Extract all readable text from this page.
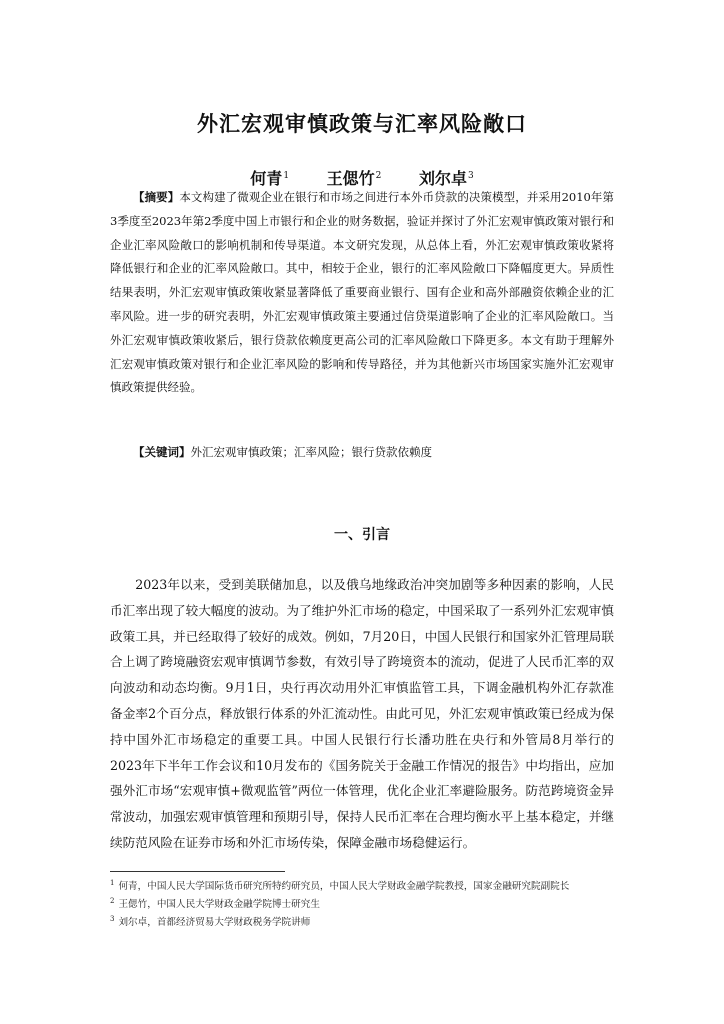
外汇宏观审慎政策与汇率风险敞口
何青$^1$ 王偲竹$^2$ 刘尔卓$^3$

【摘要】本文构建了微观企业在银行和市场之间进行本外币贷款的决策模型，并采用2010年第3季度至2023年第2季度中国上市银行和企业的财务数据，验证并探讨了外汇宏观审慎政策对银行和企业汇率风险敞口的影响机制和传导渠道。本文研究发现，从总体上看，外汇宏观审慎政策收紧将降低银行和企业的汇率风险敞口。其中，相较于企业，银行的汇率风险敞口下降幅度更大。异质性结果表明，外汇宏观审慎政策收紧显著降低了重要商业银行、国有企业和高外部融资依赖企业的汇率风险。进一步的研究表明，外汇宏观审慎政策主要通过信贷渠道影响了企业的汇率风险敞口。当外汇宏观审慎政策收紧后，银行贷款依赖度更高公司的汇率风险敞口下降更多。本文有助于理解外汇宏观审慎政策对银行和企业汇率风险的影响和传导路径，并为其他新兴市场国家实施外汇宏观审慎政策提供经验。

【关键词】外汇宏观审慎政策；汇率风险；银行贷款依赖度

一、引言

2023年以来，受到美联储加息，以及俄乌地缘政治冲突加剧等多种因素的影响，人民币汇率出现了较大幅度的波动。为了维护外汇市场的稳定，中国采取了一系列外汇宏观审慎政策工具，并已经取得了较好的成效。例如，7月20日，中国人民银行和国家外汇管理局联合上调了跨境融资宏观审慎调节参数，有效引导了跨境资本的流动，促进了人民币汇率的双向波动和动态均衡。9月1日，央行再次动用外汇审慎监管工具，下调金融机构外汇存款准备金率2个百分点，释放银行体系的外汇流动性。由此可见，外汇宏观审慎政策已经成为保持中国外汇市场稳定的重要工具。中国人民银行行长潘功胜在央行和外管局8月举行的2023年下半年工作会议和10月发布的《国务院关于金融工作情况的报告》中均指出，应加强外汇市场“宏观审慎+微观监管”两位一体管理，优化企业汇率避险服务。防范跨境资金异常波动，加强宏观审慎管理和预期引导，保持人民币汇率在合理均衡水平上基本稳定，并继续防范风险在证券市场和外汇市场传染，保障金融市场稳健运行。

$^1$ 何青，中国人民大学国际货币研究所特约研究员，中国人民大学财政金融学院教授，国家金融研究院副院长

$^2$ 王偲竹，中国人民大学财政金融学院博士研究生

$^3$ 刘尔卓，首都经济贸易大学财政税务学院讲师
